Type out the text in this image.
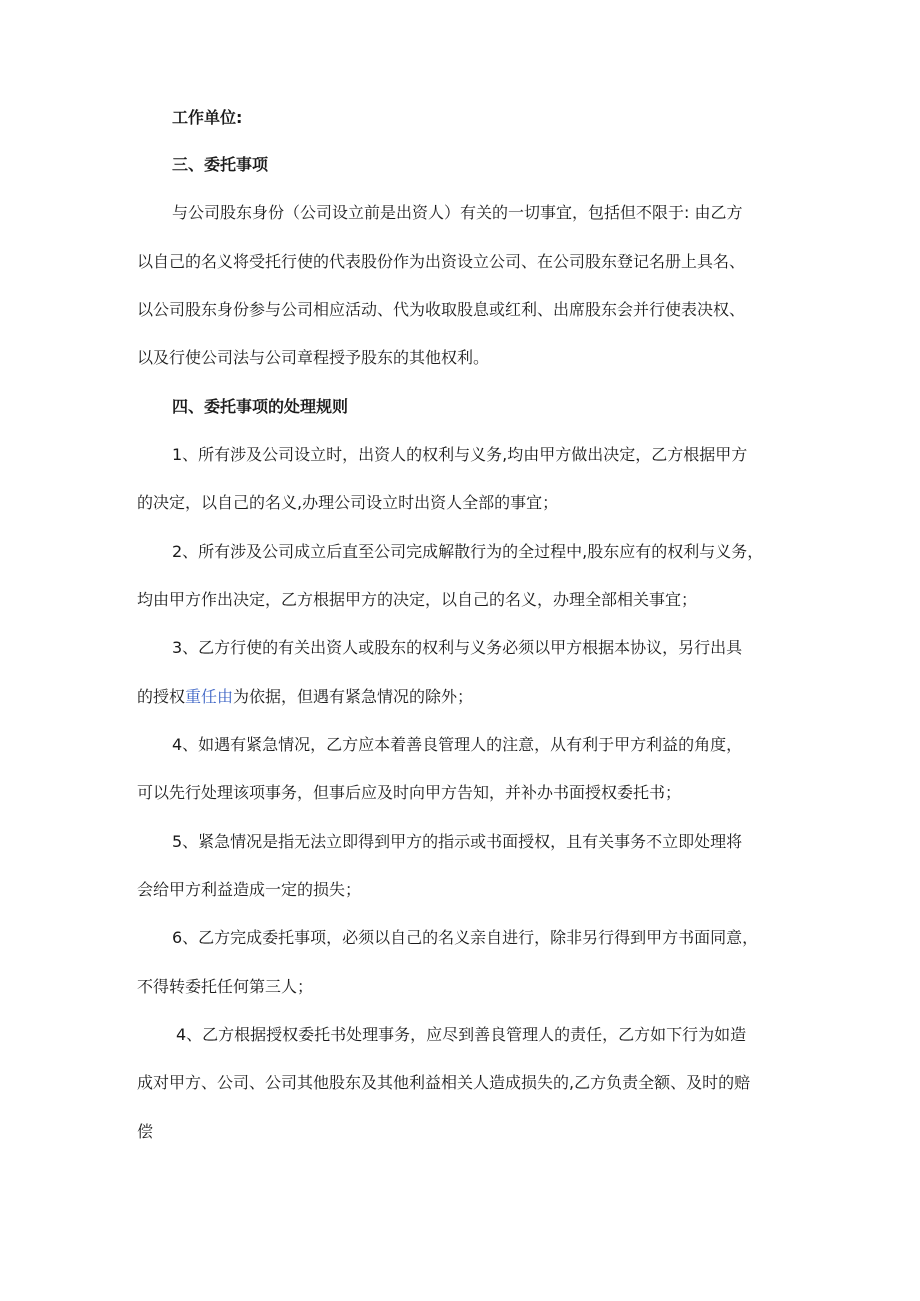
工作单位:
三、委托事项
与公司股东身份（公司设立前是出资人）有关的一切事宜，包括但不限于: 由乙方
以自己的名义将受托行使的代表股份作为出资设立公司、在公司股东登记名册上具名、
以公司股东身份参与公司相应活动、代为收取股息或红利、出席股东会并行使表决权、
以及行使公司法与公司章程授予股东的其他权利。
四、委托事项的处理规则
1、所有涉及公司设立时，出资人的权利与义务,均由甲方做出决定，乙方根据甲方
的决定，以自己的名义,办理公司设立时出资人全部的事宜；
2、所有涉及公司成立后直至公司完成解散行为的全过程中,股东应有的权利与义务，
均由甲方作出决定，乙方根据甲方的决定，以自己的名义，办理全部相关事宜；
3、乙方行使的有关出资人或股东的权利与义务必须以甲方根据本协议，另行出具
的授权重任由为依据，但遇有紧急情况的除外；
4、如遇有紧急情况，乙方应本着善良管理人的注意，从有利于甲方利益的角度，
可以先行处理该项事务，但事后应及时向甲方告知，并补办书面授权委托书；
5、紧急情况是指无法立即得到甲方的指示或书面授权，且有关事务不立即处理将
会给甲方利益造成一定的损失；
6、乙方完成委托事项，必须以自己的名义亲自进行，除非另行得到甲方书面同意，
不得转委托任何第三人；
4、乙方根据授权委托书处理事务，应尽到善良管理人的责任，乙方如下行为如造
成对甲方、公司、公司其他股东及其他利益相关人造成损失的,乙方负责全额、及时的赔
偿
